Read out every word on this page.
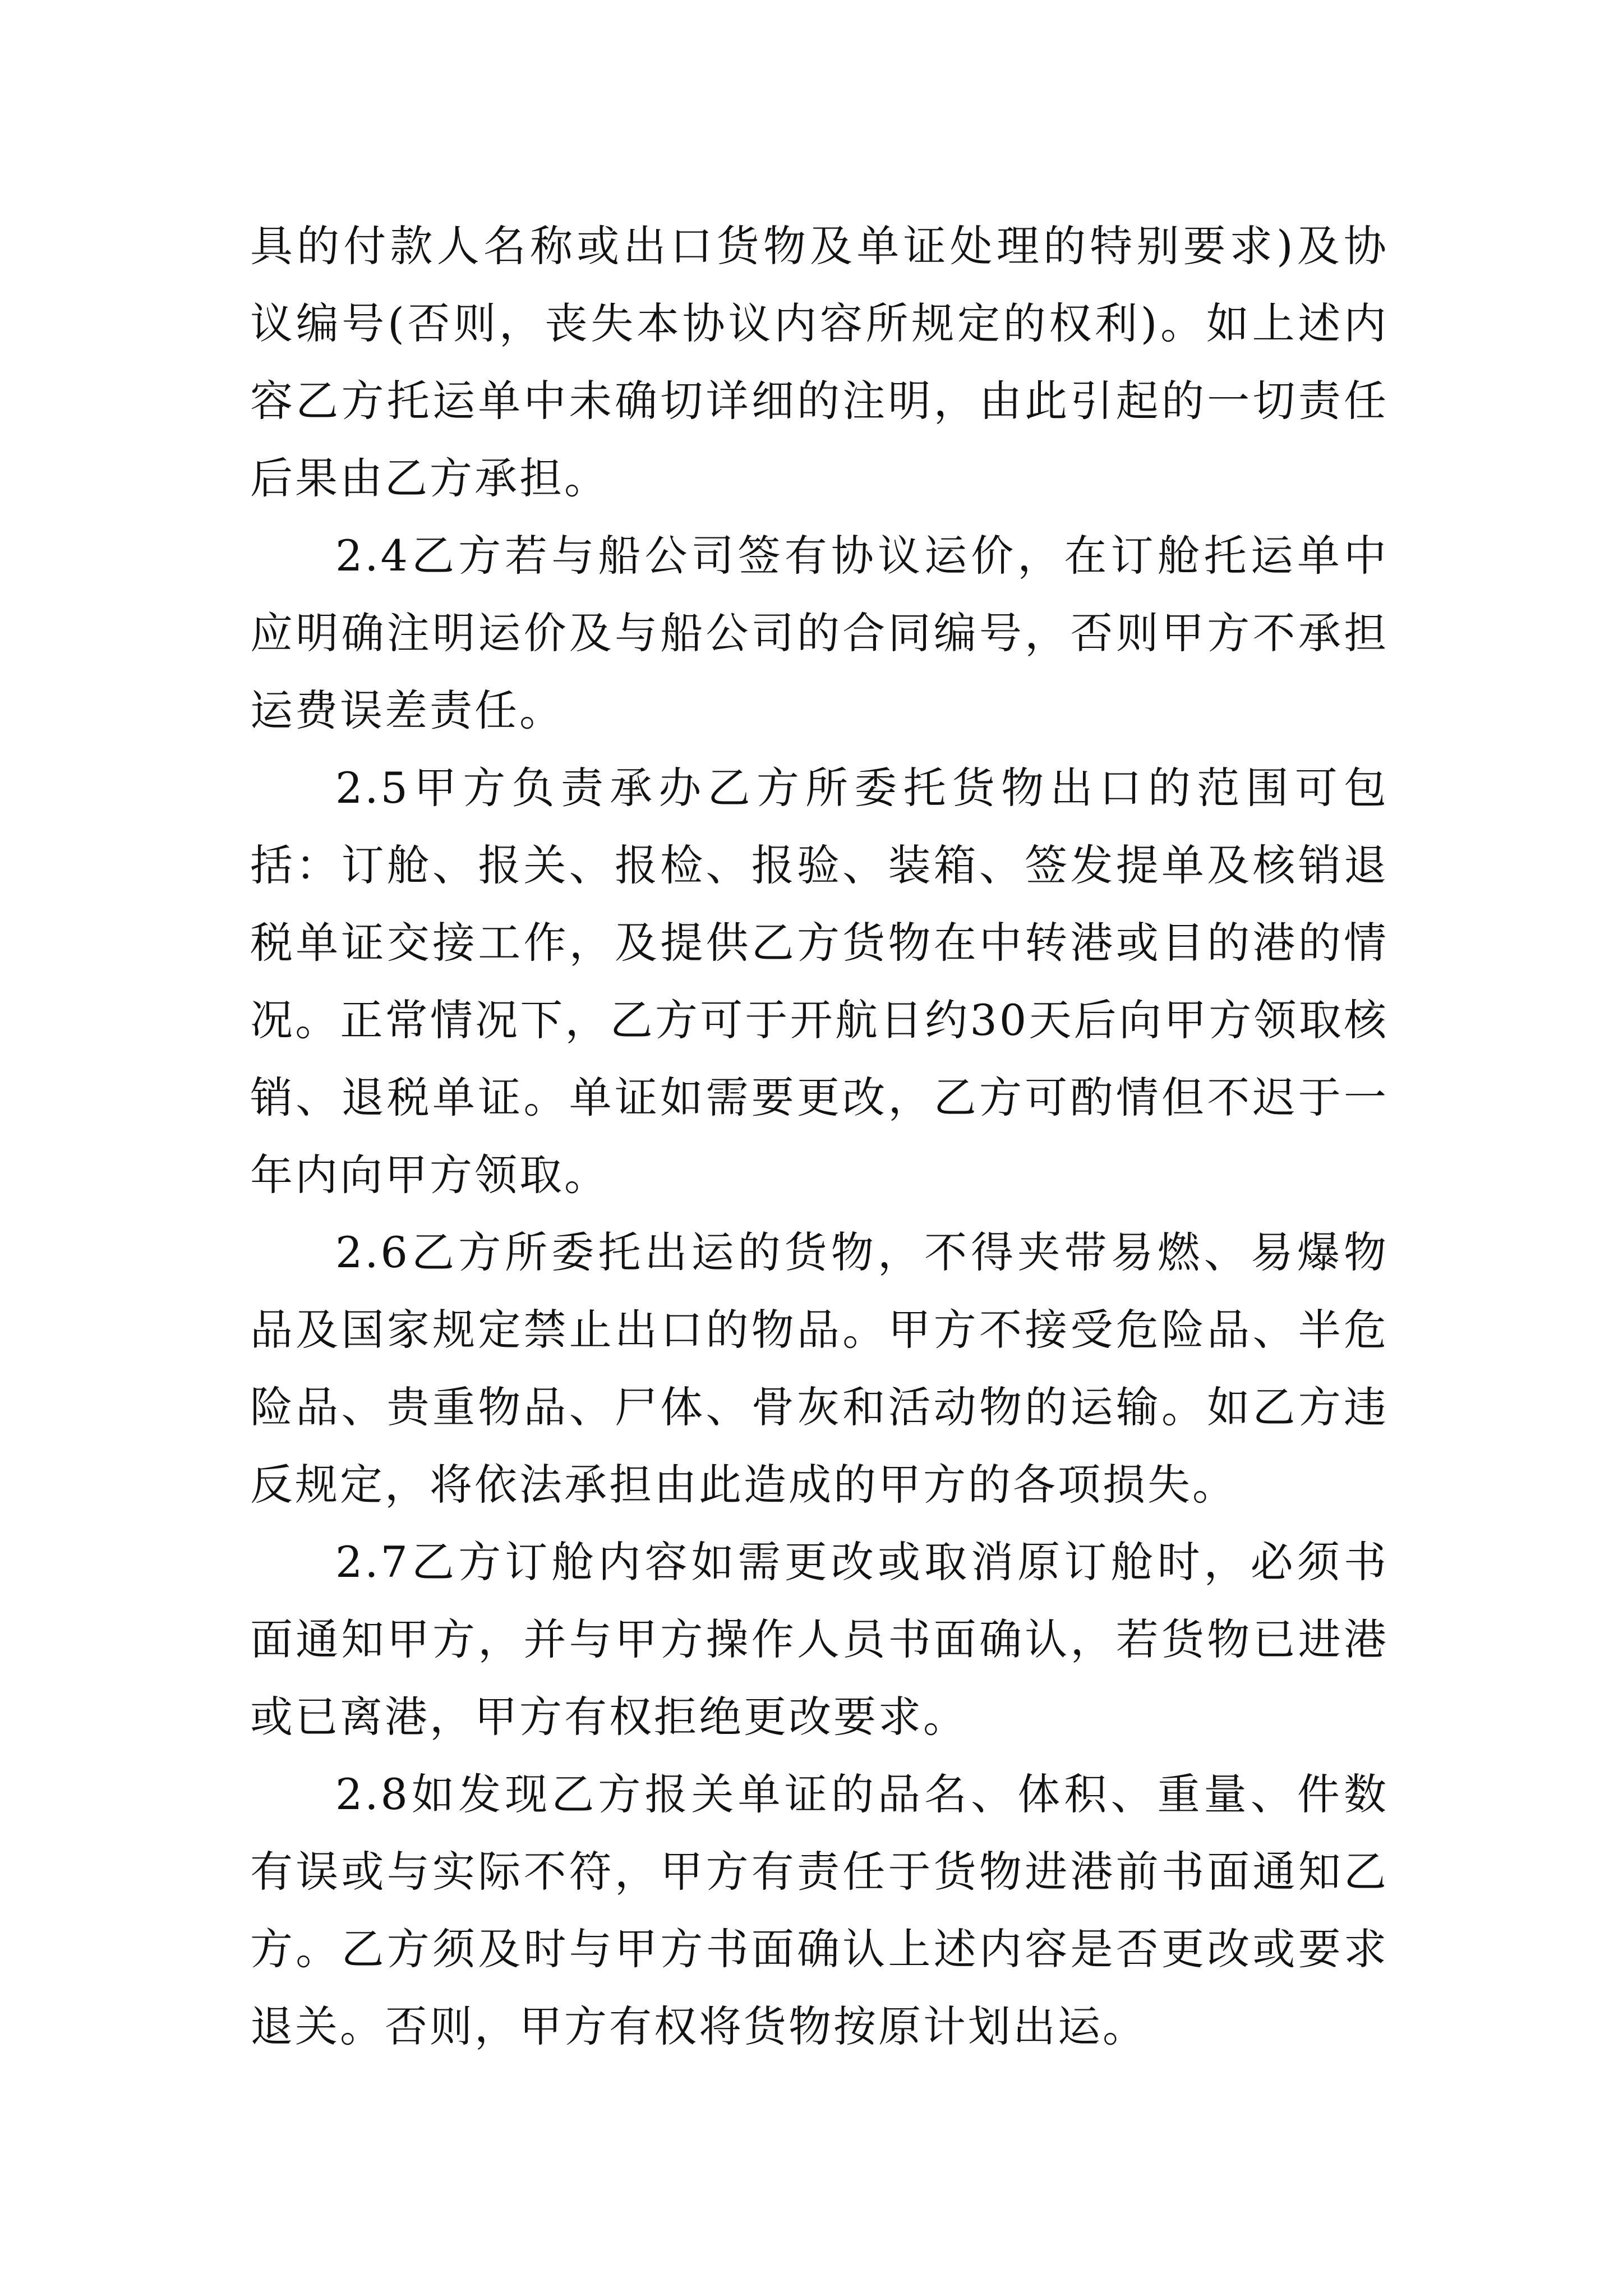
具的付款人名称或出口货物及单证处理的特别要求)及协议编号(否则，丧失本协议内容所规定的权利)。如上述内容乙方托运单中未确切详细的注明，由此引起的一切责任后果由乙方承担。

2.4乙方若与船公司签有协议运价，在订舱托运单中应明确注明运价及与船公司的合同编号，否则甲方不承担运费误差责任。

2.5甲方负责承办乙方所委托货物出口的范围可包括：订舱、报关、报检、报验、装箱、签发提单及核销退税单证交接工作，及提供乙方货物在中转港或目的港的情况。正常情况下，乙方可于开航日约30天后向甲方领取核销、退税单证。单证如需要更改，乙方可酌情但不迟于一年内向甲方领取。

2.6乙方所委托出运的货物，不得夹带易燃、易爆物品及国家规定禁止出口的物品。甲方不接受危险品、半危险品、贵重物品、尸体、骨灰和活动物的运输。如乙方违反规定，将依法承担由此造成的甲方的各项损失。

2.7乙方订舱内容如需更改或取消原订舱时，必须书面通知甲方，并与甲方操作人员书面确认，若货物已进港或已离港，甲方有权拒绝更改要求。

2.8如发现乙方报关单证的品名、体积、重量、件数有误或与实际不符，甲方有责任于货物进港前书面通知乙方。乙方须及时与甲方书面确认上述内容是否更改或要求退关。否则，甲方有权将货物按原计划出运。
